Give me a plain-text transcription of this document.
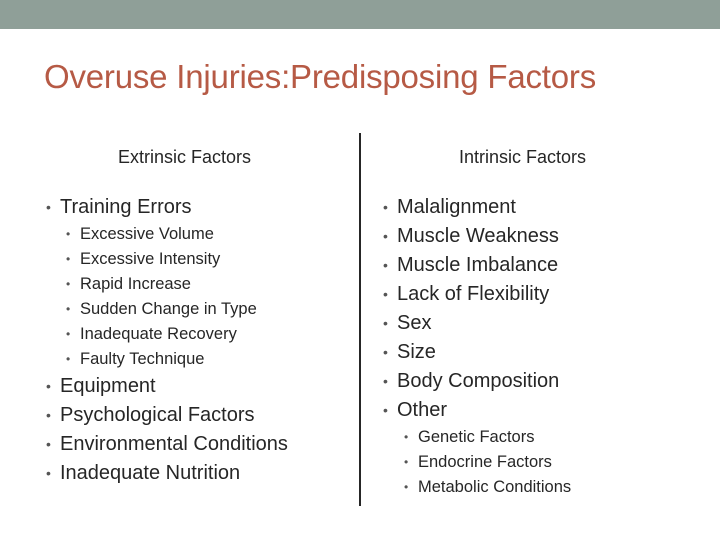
Overuse Injuries:Predisposing Factors
Extrinsic Factors	Intrinsic Factors
• Training Errors
• Excessive Volume
• Excessive Intensity
• Rapid Increase
• Sudden Change in Type
• Inadequate Recovery
• Faulty Technique
• Equipment
• Psychological Factors
• Environmental Conditions
• Inadequate Nutrition
• Malalignment
• Muscle Weakness
• Muscle Imbalance
• Lack of Flexibility
• Sex
• Size
• Body Composition
• Other
• Genetic Factors
• Endocrine Factors
• Metabolic Conditions
